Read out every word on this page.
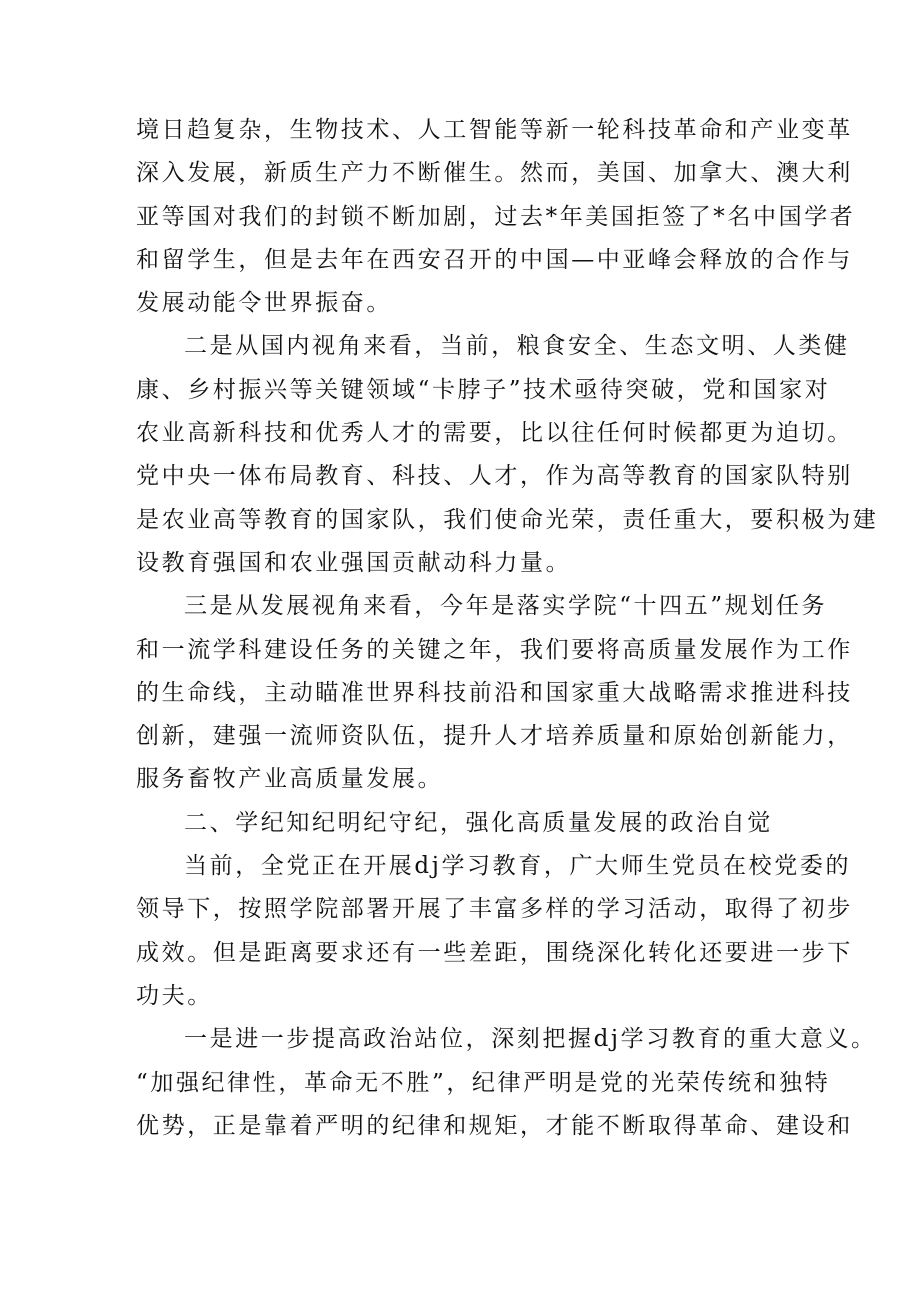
境日趋复杂，生物技术、人工智能等新一轮科技革命和产业变革
深入发展，新质生产力不断催生。然而，美国、加拿大、澳大利
亚等国对我们的封锁不断加剧，过去*年美国拒签了*名中国学者
和留学生，但是去年在西安召开的中国—中亚峰会释放的合作与
发展动能令世界振奋。
二是从国内视角来看，当前，粮食安全、生态文明、人类健
康、乡村振兴等关键领域“卡脖子”技术亟待突破，党和国家对
农业高新科技和优秀人才的需要，比以往任何时候都更为迫切。
党中央一体布局教育、科技、人才，作为高等教育的国家队特别
是农业高等教育的国家队，我们使命光荣，责任重大，要积极为建
设教育强国和农业强国贡献动科力量。
三是从发展视角来看，今年是落实学院“十四五”规划任务
和一流学科建设任务的关键之年，我们要将高质量发展作为工作
的生命线，主动瞄准世界科技前沿和国家重大战略需求推进科技
创新，建强一流师资队伍，提升人才培养质量和原始创新能力，
服务畜牧产业高质量发展。
二、学纪知纪明纪守纪，强化高质量发展的政治自觉
当前，全党正在开展dj学习教育，广大师生党员在校党委的
领导下，按照学院部署开展了丰富多样的学习活动，取得了初步
成效。但是距离要求还有一些差距，围绕深化转化还要进一步下
功夫。
一是进一步提高政治站位，深刻把握dj学习教育的重大意义。
“加强纪律性，革命无不胜”，纪律严明是党的光荣传统和独特
优势，正是靠着严明的纪律和规矩，才能不断取得革命、建设和
